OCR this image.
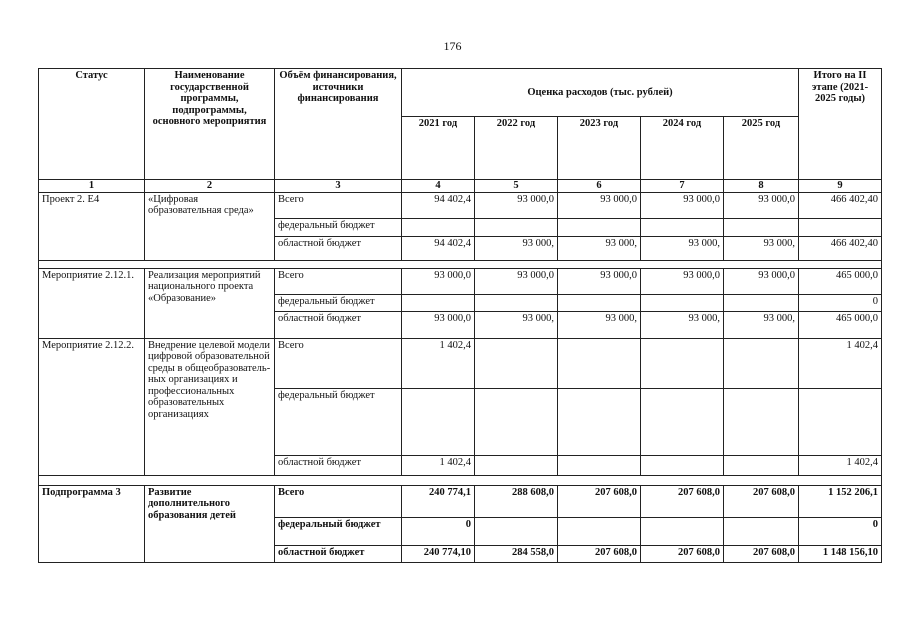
176
Статус	Наименование государственной программы, подпрограммы, основного мероприятия	Объём финансирования, источники финансирования	Оценка расходов (тыс. рублей)					Итого на II этапе (2021-2025 годы)
			2021 год	2022 год	2023 год	2024 год	2025 год	
1	2	3	4	5	6	7	8	9
Проект 2. Е4	«Цифровая образовательная среда»	Всего	94 402,4	93 000,0	93 000,0	93 000,0	93 000,0	466 402,40
		федеральный бюджет						
		областной бюджет	94 402,4	93 000,	93 000,	93 000,	93 000,	466 402,40

Мероприятие 2.12.1.	Реализация мероприятий национального проекта «Образование»	Всего	93 000,0	93 000,0	93 000,0	93 000,0	93 000,0	465 000,0
		федеральный бюджет						0
		областной бюджет	93 000,0	93 000,	93 000,	93 000,	93 000,	465 000,0
Мероприятие 2.12.2.	Внедрение целевой модели цифровой образовательной среды в общеобразователь-ных организациях и профессиональных образовательных организациях	Всего	1 402,4					1 402,4
		федеральный бюджет						
		областной бюджет	1 402,4					1 402,4

Подпрограмма 3	Развитие дополнительного образования детей	Всего	240 774,1	288 608,0	207 608,0	207 608,0	207 608,0	1 152 206,1
		федеральный бюджет	0					0
		областной бюджет	240 774,10	284 558,0	207 608,0	207 608,0	207 608,0	1 148 156,10
